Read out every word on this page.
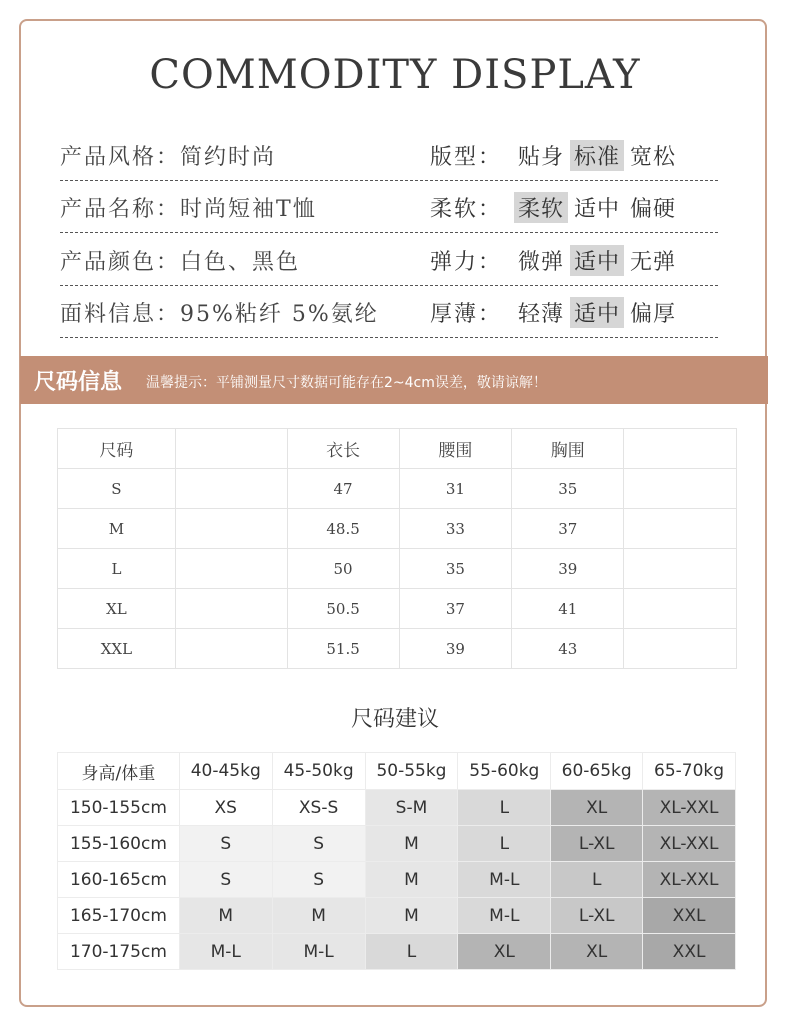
COMMODITY DISPLAY
产品风格：简约时尚	版型： 贴身 标准 宽松
产品名称：时尚短袖T恤	柔软： 柔软 适中 偏硬
产品颜色：白色、黑色	弹力： 微弹 适中 无弹
面料信息：95%粘纤 5%氨纶 厚薄： 轻薄 适中 偏厚
尺码信息 温馨提示：平铺测量尺寸数据可能存在2~4cm误差，敬请谅解！
尺码		衣长	腰围	胸围	
S		47	31	35	
M		48.5	33	37	
L		50	35	39	
XL		50.5	37	41	
XXL		51.5	39	43	
尺码建议
身高/体重	40-45kg	45-50kg	50-55kg	55-60kg	60-65kg	65-70kg
150-155cm	XS	XS-S	S-M	L	XL	XL-XXL
155-160cm	S	S	M	L	L-XL	XL-XXL
160-165cm	S	S	M	M-L	L	XL-XXL
165-170cm	M	M	M	M-L	L-XL	XXL
170-175cm	M-L	M-L	L	XL	XL	XXL
